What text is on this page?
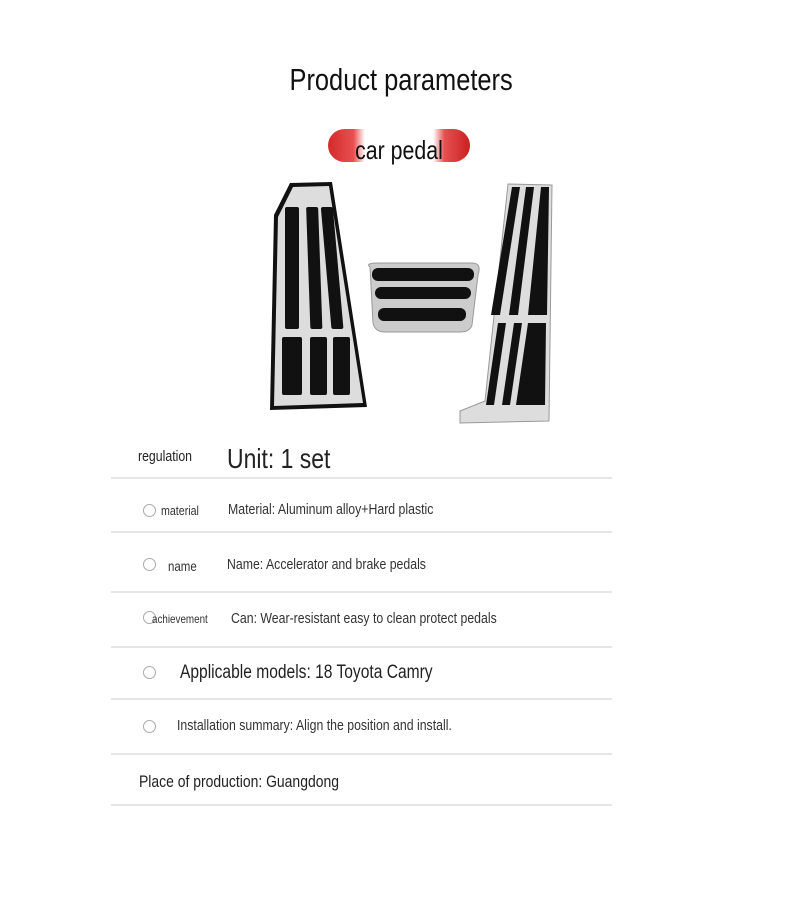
Product parameters
car pedal
regulation	Unit: 1 set
material	Material: Aluminum alloy+Hard plastic
name	Name: Accelerator and brake pedals
achievement	Can: Wear-resistant easy to clean protect pedals
Applicable models: 18 Toyota Camry
Installation summary: Align the position and install.
Place of production: Guangdong
